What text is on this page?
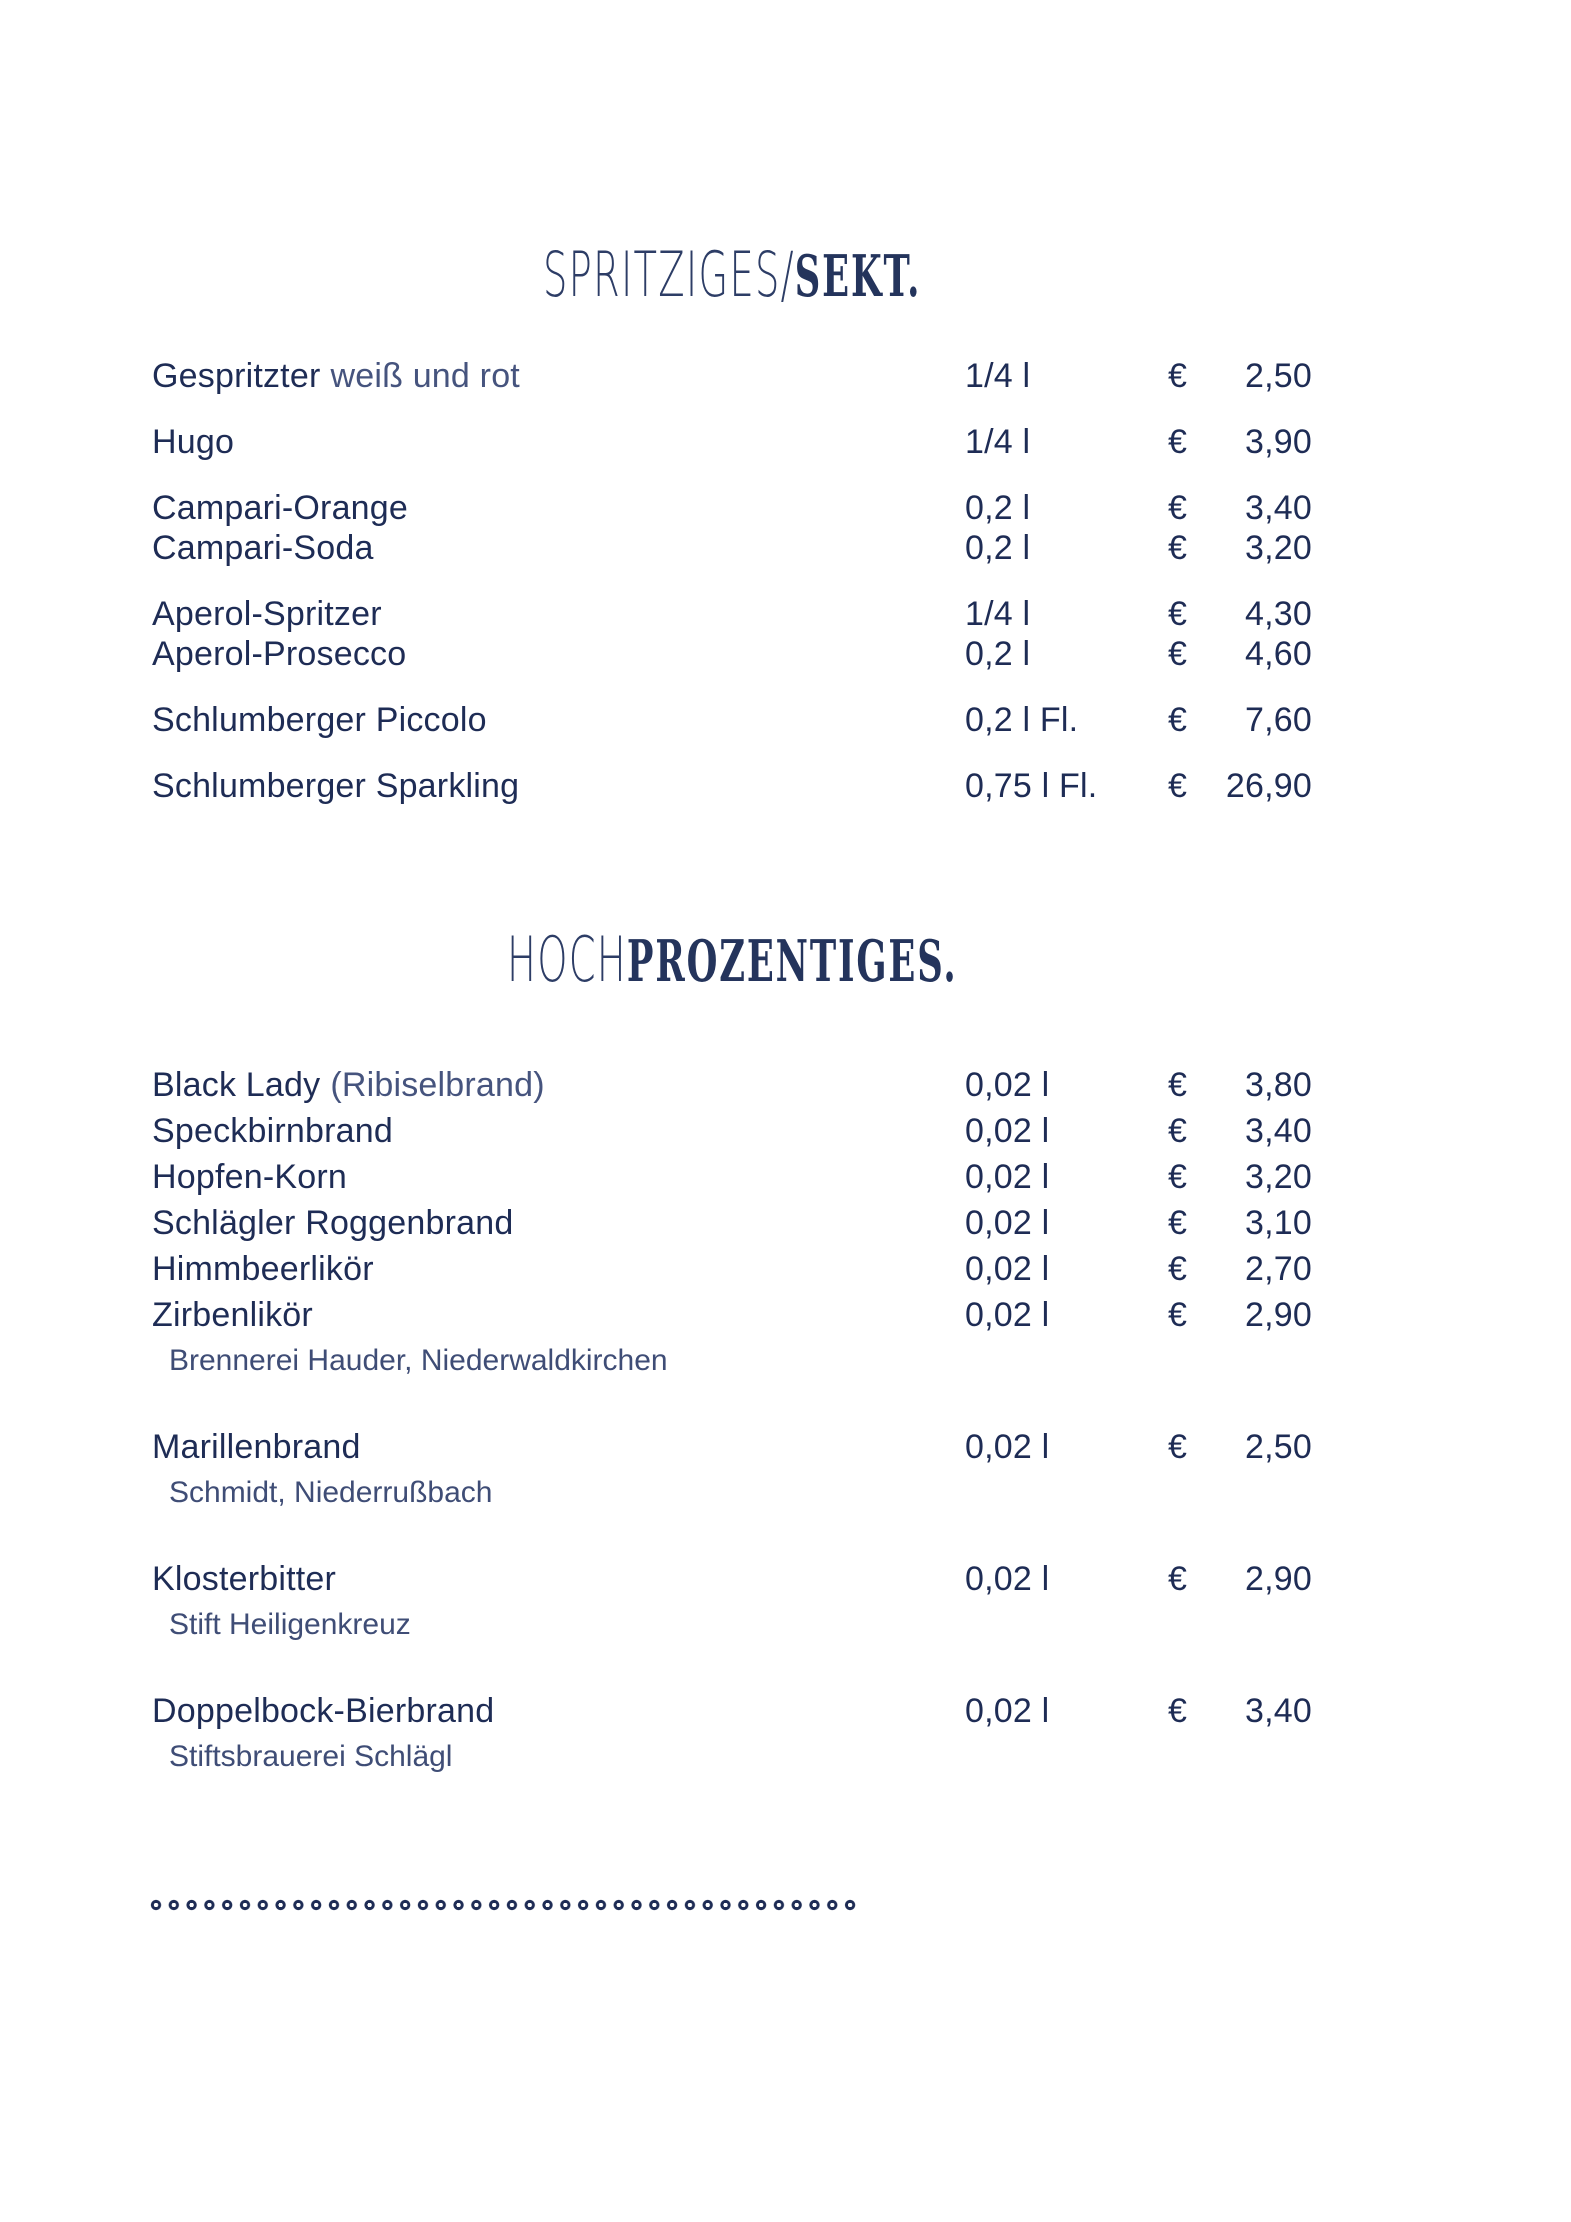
SPRITZIGES/ SEKT.
Gespritzter weiß und rot	1/4 l	€	2,50
Hugo	1/4 l	€	3,90
Campari-Orange	0,2 l	€	3,40
Campari-Soda	0,2 l	€	3,20
Aperol-Spritzer	1/4 l	€	4,30
Aperol-Prosecco	0,2 l	€	4,60
Schlumberger Piccolo	0,2 l Fl.	€	7,60
Schlumberger Sparkling	0,75 l Fl.	€	26,90
HOCH PROZENTIGES.
Black Lady (Ribiselbrand)	0,02 l	€	3,80
Speckbirnbrand	0,02 l	€	3,40
Hopfen-Korn	0,02 l	€	3,20
Schlägler Roggenbrand	0,02 l	€	3,10
Himmbeerlikör	0,02 l	€	2,70
Zirbenlikör	0,02 l	€	2,90
Brennerei Hauder, Niederwaldkirchen
Marillenbrand	0,02 l	€	2,50
Schmidt, Niederrußbach
Klosterbitter	0,02 l	€	2,90
Stift Heiligenkreuz
Doppelbock-Bierbrand	0,02 l	€	3,40
Stiftsbrauerei Schlägl
